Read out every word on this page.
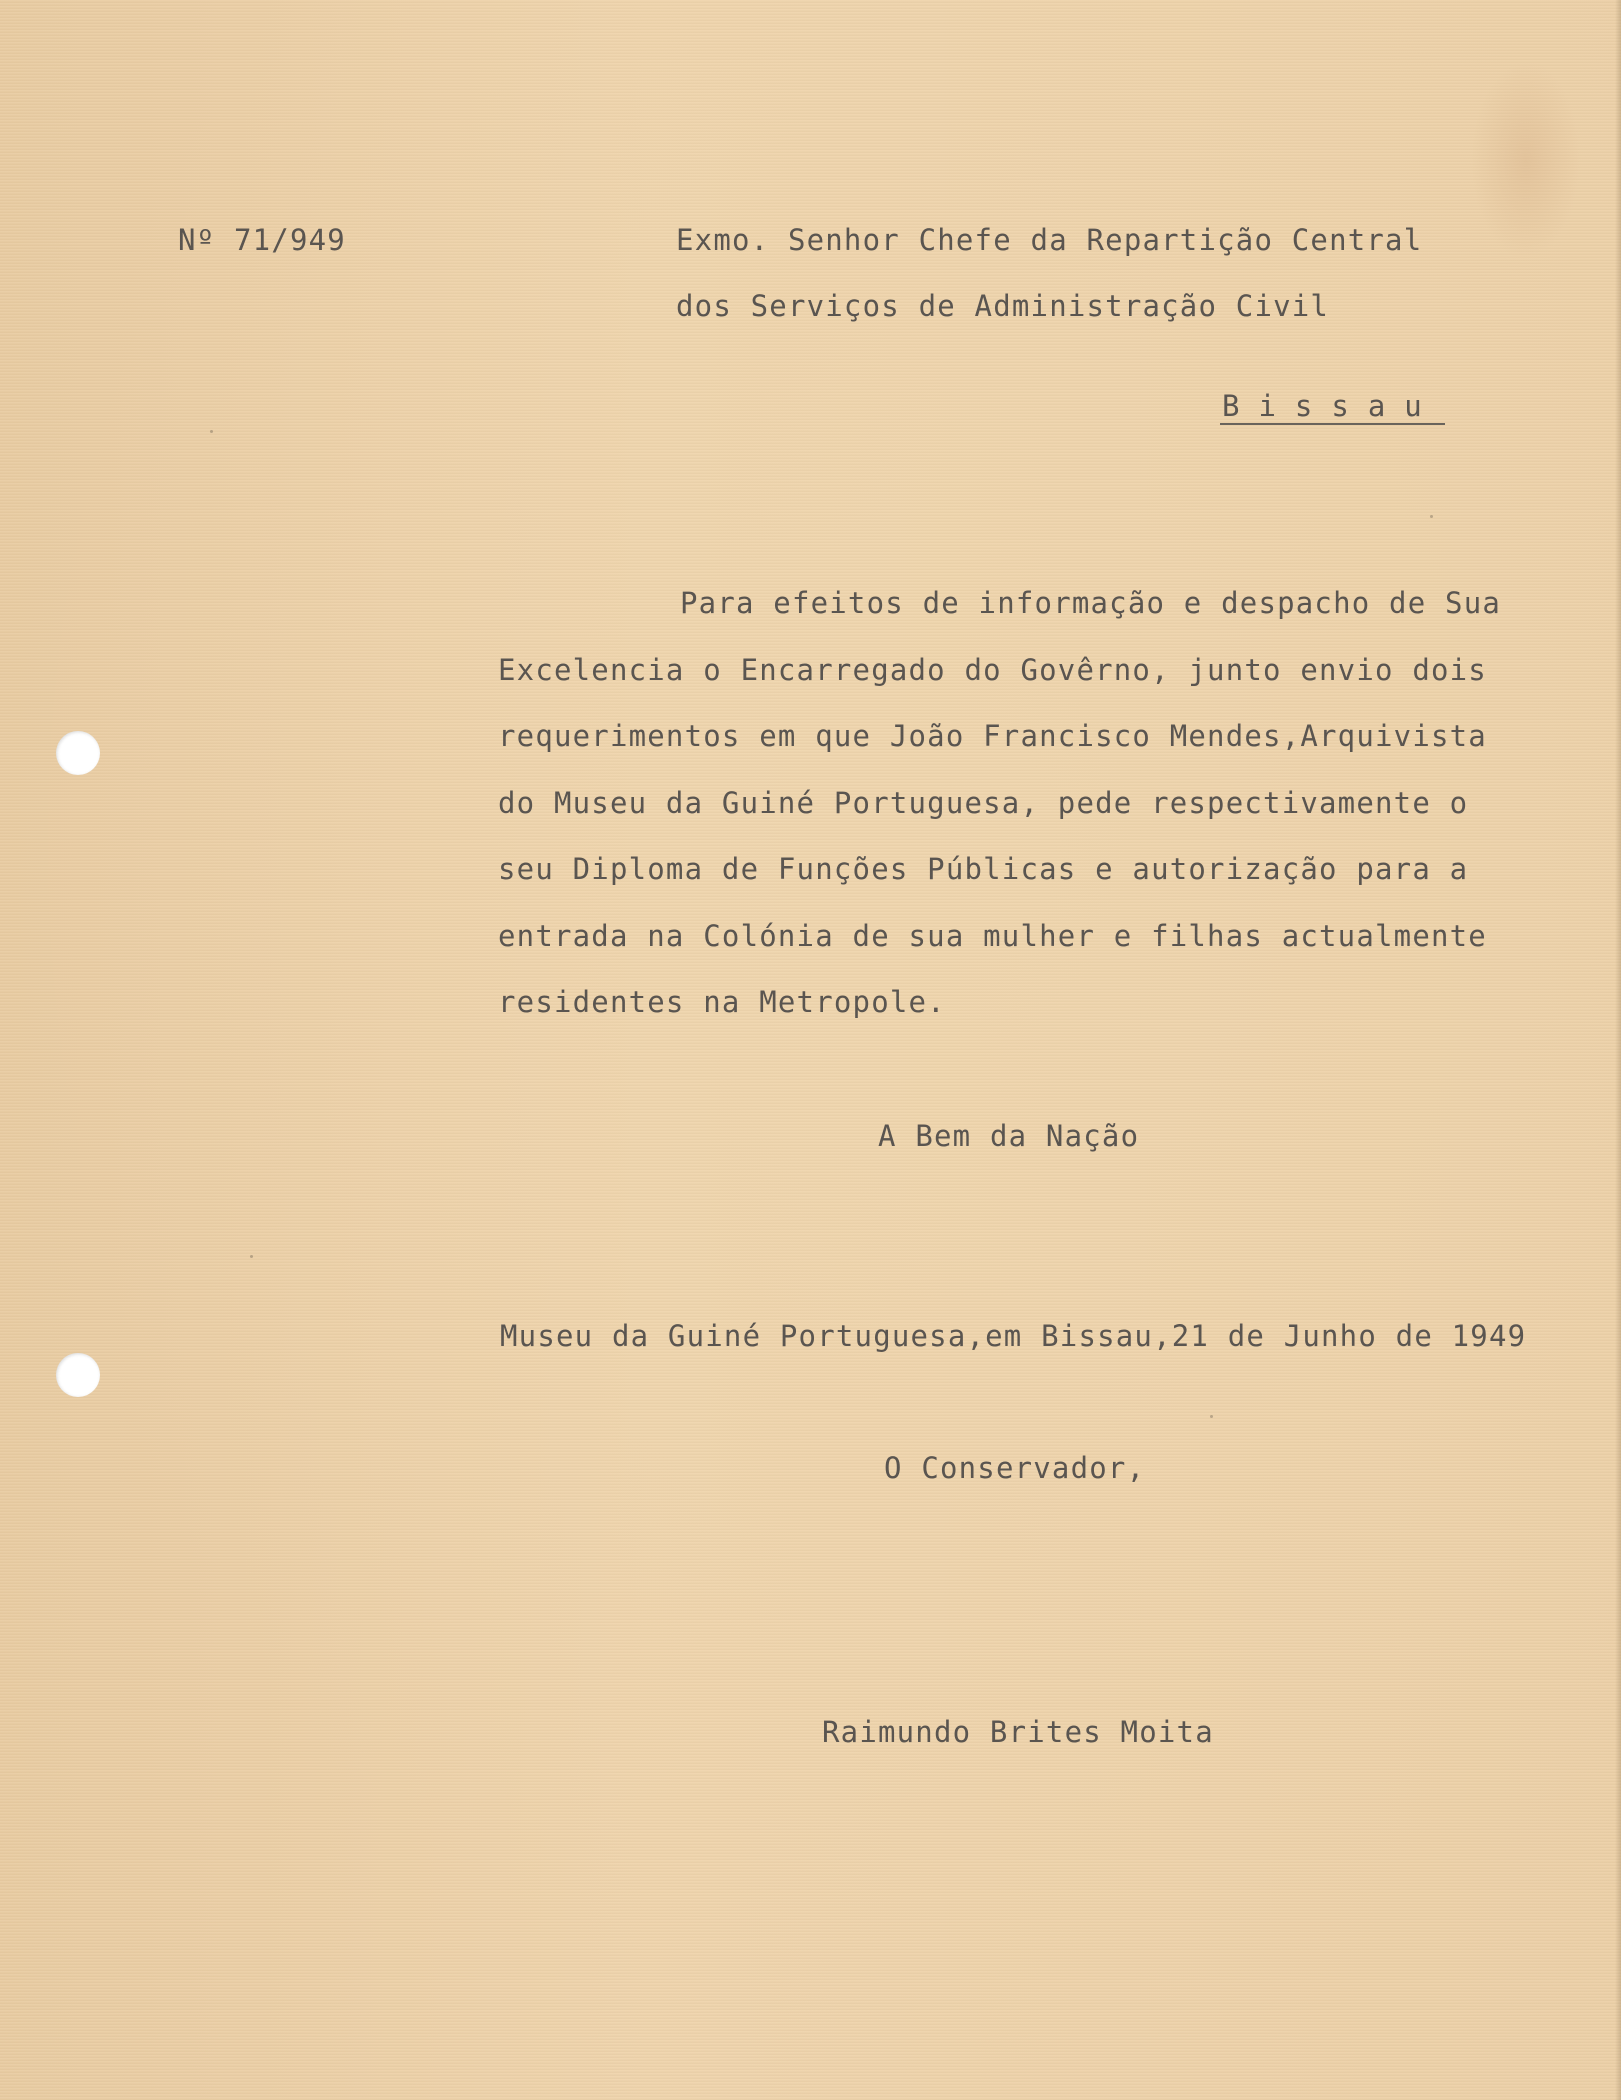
Nº 71/949	Exmo. Senhor Chefe da Repartição Central
dos Serviços de Administração Civil
Bissau
Para efeitos de informação e despacho de Sua
Excelencia o Encarregado do Govêrno, junto envio dois
requerimentos em que João Francisco Mendes,Arquivista
do Museu da Guiné Portuguesa, pede respectivamente o
seu Diploma de Funções Públicas e autorização para a
entrada na Colónia de sua mulher e filhas actualmente
residentes na Metropole.
A Bem da Nação
Museu da Guiné Portuguesa,em Bissau,21 de Junho de 1949
O Conservador,
Raimundo Brites Moita
